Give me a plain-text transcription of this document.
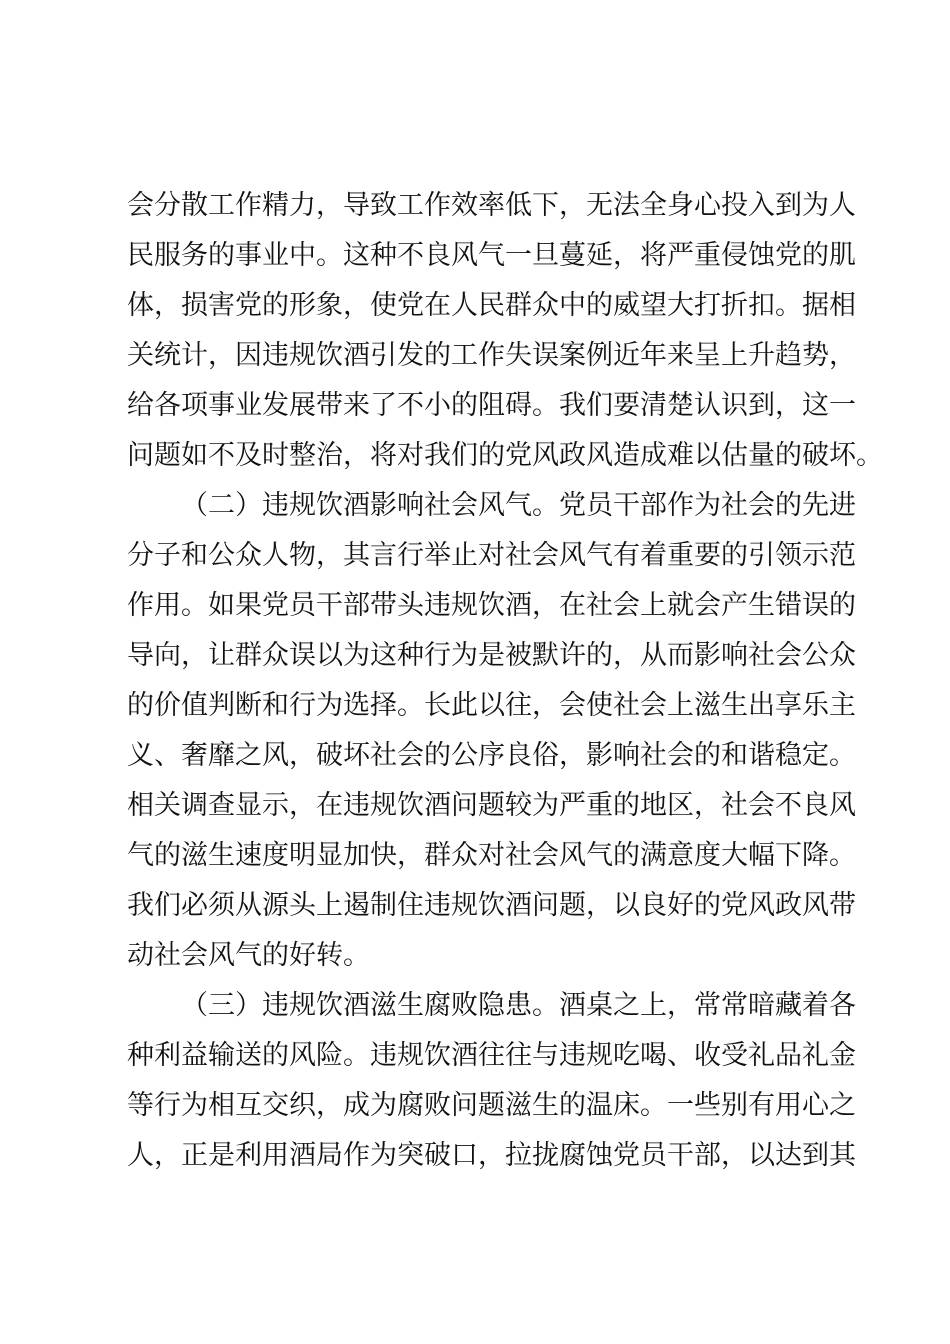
会分散工作精力，导致工作效率低下，无法全身心投入到为人
民服务的事业中。这种不良风气一旦蔓延，将严重侵蚀党的肌
体，损害党的形象，使党在人民群众中的威望大打折扣。据相
关统计，因违规饮酒引发的工作失误案例近年来呈上升趋势，
给各项事业发展带来了不小的阻碍。我们要清楚认识到，这一
问题如不及时整治，将对我们的党风政风造成难以估量的破坏。
（二）违规饮酒影响社会风气。党员干部作为社会的先进
分子和公众人物，其言行举止对社会风气有着重要的引领示范
作用。如果党员干部带头违规饮酒，在社会上就会产生错误的
导向，让群众误以为这种行为是被默许的，从而影响社会公众
的价值判断和行为选择。长此以往，会使社会上滋生出享乐主
义、奢靡之风，破坏社会的公序良俗，影响社会的和谐稳定。
相关调查显示，在违规饮酒问题较为严重的地区，社会不良风
气的滋生速度明显加快，群众对社会风气的满意度大幅下降。
我们必须从源头上遏制住违规饮酒问题，以良好的党风政风带
动社会风气的好转。
（三）违规饮酒滋生腐败隐患。酒桌之上，常常暗藏着各
种利益输送的风险。违规饮酒往往与违规吃喝、收受礼品礼金
等行为相互交织，成为腐败问题滋生的温床。一些别有用心之
人，正是利用酒局作为突破口，拉拢腐蚀党员干部，以达到其
